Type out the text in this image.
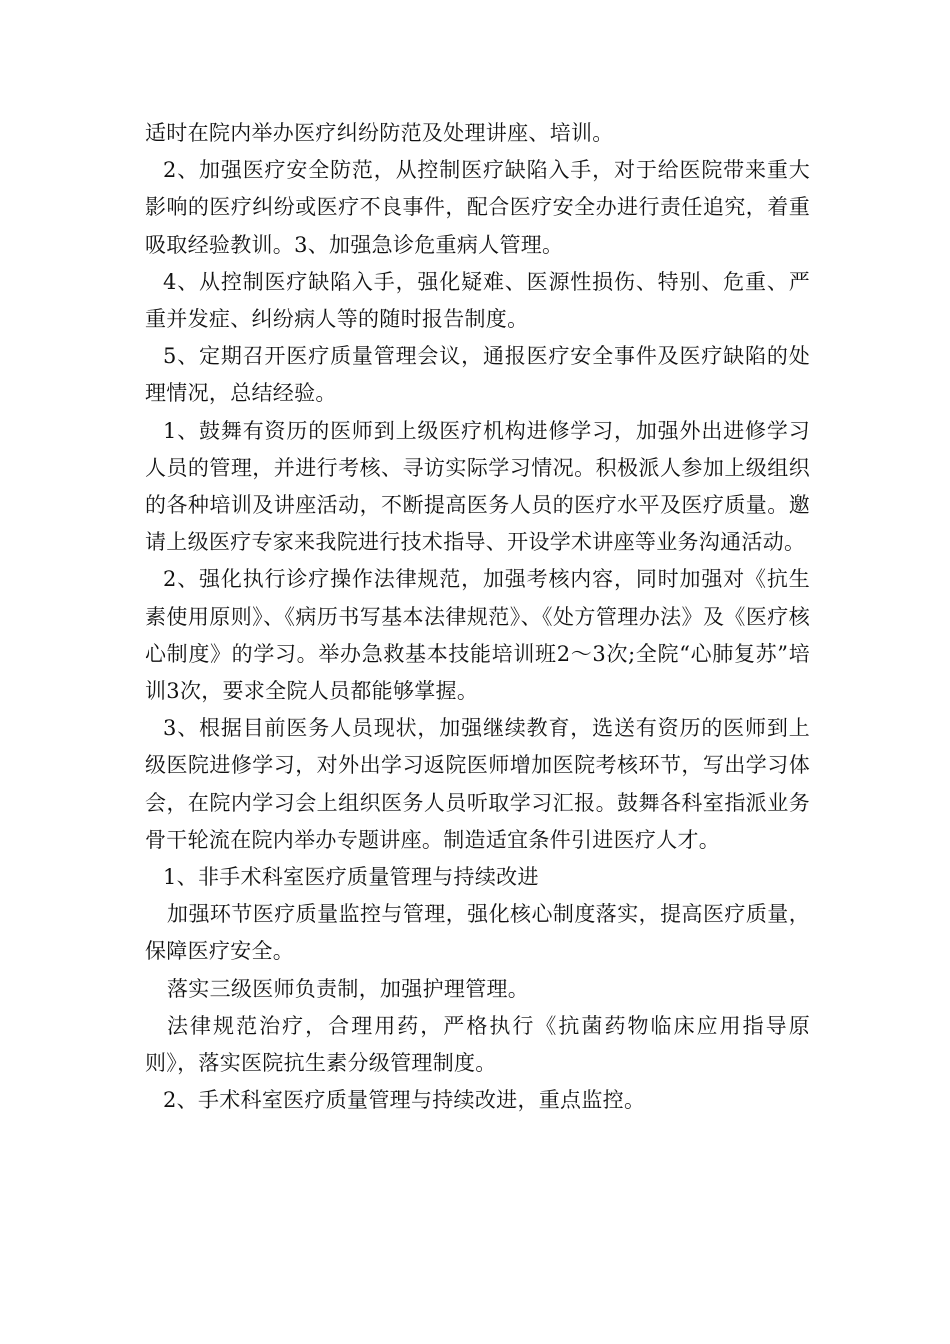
适时在院内举办医疗纠纷防范及处理讲座、培训。

2、加强医疗安全防范，从控制医疗缺陷入手，对于给医院带来重大影响的医疗纠纷或医疗不良事件，配合医疗安全办进行责任追究，着重吸取经验教训。3、加强急诊危重病人管理。

4、从控制医疗缺陷入手，强化疑难、医源性损伤、特别、危重、严重并发症、纠纷病人等的随时报告制度。

5、定期召开医疗质量管理会议，通报医疗安全事件及医疗缺陷的处理情况，总结经验。

1、鼓舞有资历的医师到上级医疗机构进修学习，加强外出进修学习人员的管理，并进行考核、寻访实际学习情况。积极派人参加上级组织的各种培训及讲座活动，不断提高医务人员的医疗水平及医疗质量。邀请上级医疗专家来我院进行技术指导、开设学术讲座等业务沟通活动。

2、强化执行诊疗操作法律规范，加强考核内容，同时加强对《抗生素使用原则》、《病历书写基本法律规范》、《处方管理办法》及《医疗核心制度》的学习。举办急救基本技能培训班2～3次;全院“心肺复苏”培训3次，要求全院人员都能够掌握。

3、根据目前医务人员现状，加强继续教育，选送有资历的医师到上级医院进修学习，对外出学习返院医师增加医院考核环节，写出学习体会，在院内学习会上组织医务人员听取学习汇报。鼓舞各科室指派业务骨干轮流在院内举办专题讲座。制造适宜条件引进医疗人才。

1、非手术科室医疗质量管理与持续改进

加强环节医疗质量监控与管理，强化核心制度落实，提高医疗质量，保障医疗安全。

落实三级医师负责制，加强护理管理。

法律规范治疗，合理用药，严格执行《抗菌药物临床应用指导原则》，落实医院抗生素分级管理制度。

2、手术科室医疗质量管理与持续改进，重点监控。
